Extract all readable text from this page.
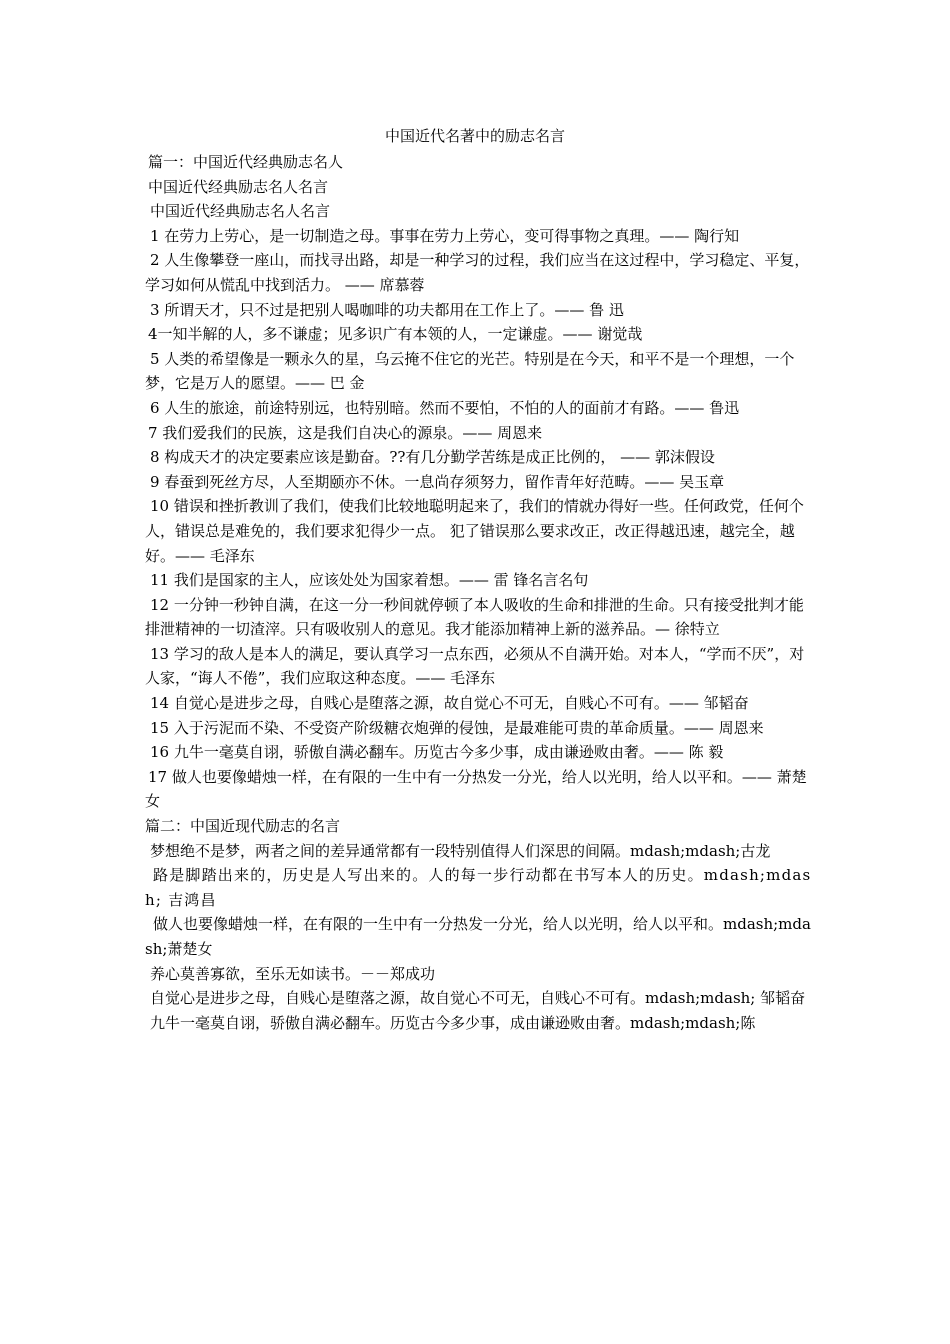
中国近代名著中的励志名言

篇一：中国近代经典励志名人

中国近代经典励志名人名言

中国近代经典励志名人名言

1 在劳力上劳心，是一切制造之母。事事在劳力上劳心，变可得事物之真理。—— 陶行知

2 人生像攀登一座山，而找寻出路，却是一种学习的过程，我们应当在这过程中，学习稳定、平复，学习如何从慌乱中找到活力。 —— 席慕蓉

3 所谓天才，只不过是把别人喝咖啡的功夫都用在工作上了。—— 鲁 迅

4一知半解的人，多不谦虚；见多识广有本领的人，一定谦虚。—— 谢觉哉

5 人类的希望像是一颗永久的星，乌云掩不住它的光芒。特别是在今天，和平不是一个理想，一个梦，它是万人的愿望。—— 巴 金

6 人生的旅途，前途特别远，也特别暗。然而不要怕，不怕的人的面前才有路。—— 鲁迅

7 我们爱我们的民族，这是我们自决心的源泉。—— 周恩来

8 构成天才的决定要素应该是勤奋。??有几分勤学苦练是成正比例的， —— 郭沫假设

9 春蚕到死丝方尽，人至期颐亦不休。一息尚存须努力，留作青年好范畴。—— 吴玉章

10 错误和挫折教训了我们，使我们比较地聪明起来了，我们的情就办得好一些。任何政党，任何个人，错误总是难免的，我们要求犯得少一点。 犯了错误那么要求改正，改正得越迅速，越完全，越好。—— 毛泽东

11 我们是国家的主人，应该处处为国家着想。—— 雷 锋名言名句

12 一分钟一秒钟自满，在这一分一秒间就停顿了本人吸收的生命和排泄的生命。只有接受批判才能排泄精神的一切渣滓。只有吸收别人的意见。我才能添加精神上新的滋养品。— 徐特立

13 学习的敌人是本人的满足，要认真学习一点东西，必须从不自满开始。对本人，“学而不厌”，对人家，“诲人不倦”，我们应取这种态度。—— 毛泽东

14 自觉心是进步之母，自贱心是堕落之源，故自觉心不可无，自贱心不可有。—— 邹韬奋

15 入于污泥而不染、不受资产阶级糖衣炮弹的侵蚀，是最难能可贵的革命质量。—— 周恩来

16 九牛一毫莫自诩，骄傲自满必翻车。历览古今多少事，成由谦逊败由奢。—— 陈 毅

17 做人也要像蜡烛一样，在有限的一生中有一分热发一分光，给人以光明，给人以平和。—— 萧楚女

篇二：中国近现代励志的名言

梦想绝不是梦，两者之间的差异通常都有一段特别值得人们深思的间隔。mdash;mdash;古龙

路是脚踏出来的，历史是人写出来的。人的每一步行动都在书写本人的历史。mdash;mdash; 吉鸿昌

做人也要像蜡烛一样，在有限的一生中有一分热发一分光，给人以光明，给人以平和。mdash;mdash;萧楚女

养心莫善寡欲，至乐无如读书。－－郑成功

自觉心是进步之母，自贱心是堕落之源，故自觉心不可无，自贱心不可有。mdash;mdash; 邹韬奋

九牛一毫莫自诩，骄傲自满必翻车。历览古今多少事，成由谦逊败由奢。mdash;mdash;陈
